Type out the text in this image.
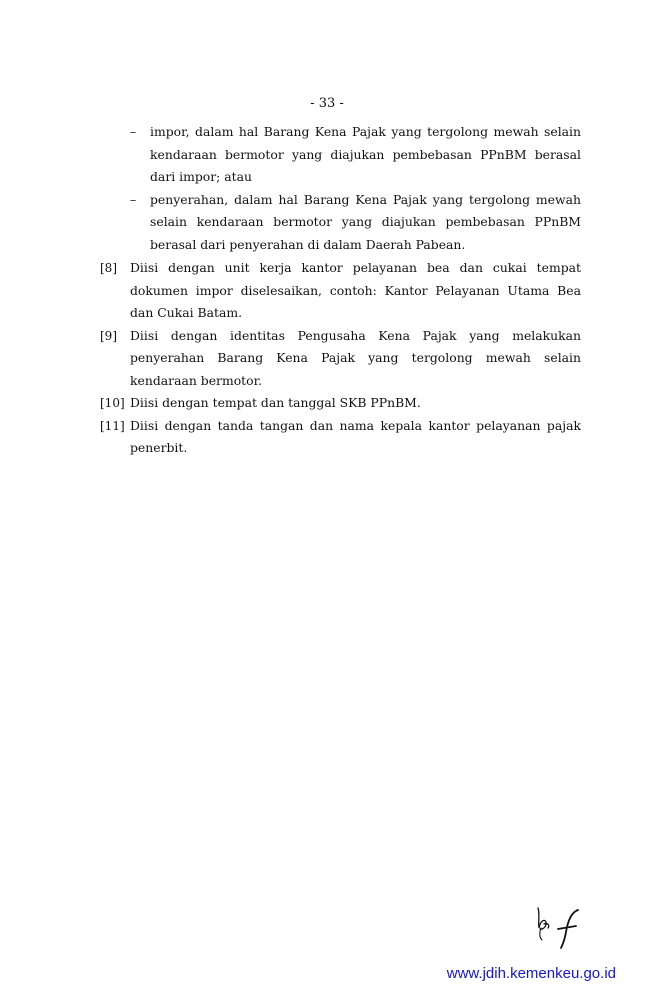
- 33 -
–	impor, dalam hal Barang Kena Pajak yang tergolong mewah selain kendaraan bermotor yang diajukan pembebasan PPnBM berasal dari impor; atau
–	penyerahan, dalam hal Barang Kena Pajak yang tergolong mewah selain kendaraan bermotor yang diajukan pembebasan PPnBM berasal dari penyerahan di dalam Daerah Pabean.
[8]	Diisi dengan unit kerja kantor pelayanan bea dan cukai tempat dokumen impor diselesaikan, contoh: Kantor Pelayanan Utama Bea dan Cukai Batam.
[9]	Diisi dengan identitas Pengusaha Kena Pajak yang melakukan penyerahan Barang Kena Pajak yang tergolong mewah selain kendaraan bermotor.
[10] Diisi dengan tempat dan tanggal SKB PPnBM.
[11] Diisi dengan tanda tangan dan nama kepala kantor pelayanan pajak penerbit.
www.jdih.kemenkeu.go.id
